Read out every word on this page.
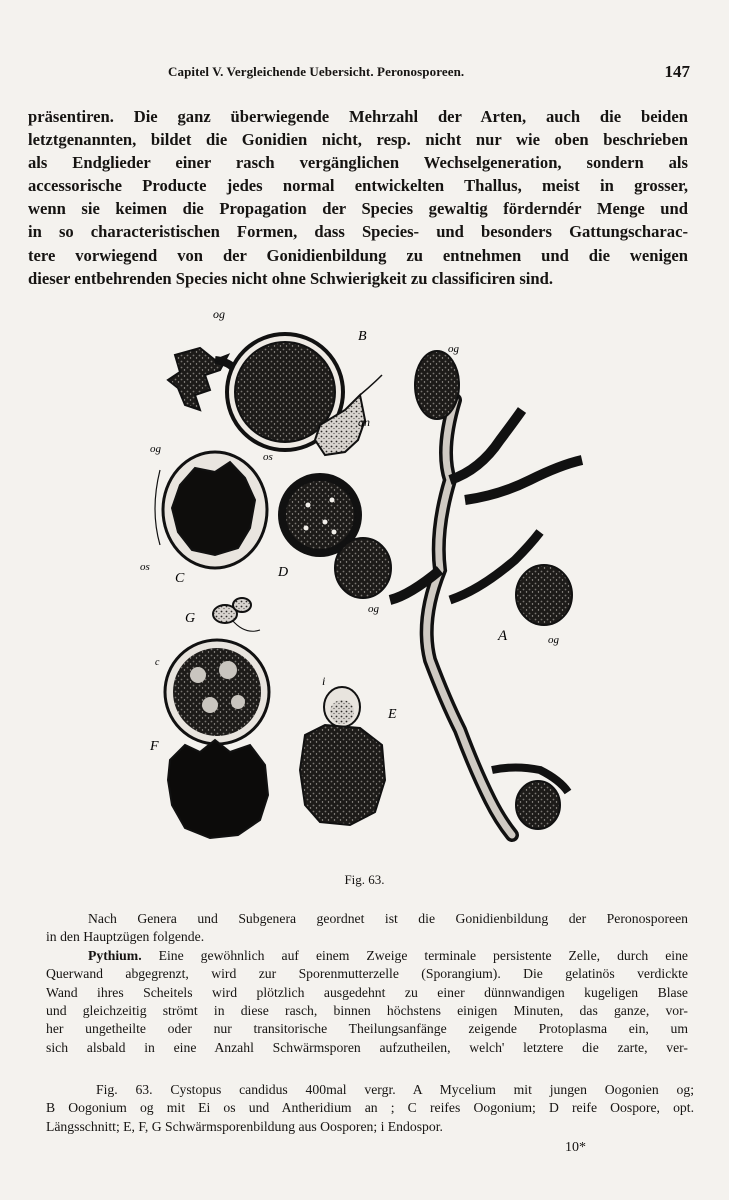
Capitel V. Vergleichende Uebersicht. Peronosporeen.	147
präsentiren. Die ganz überwiegende Mehrzahl der Arten, auch die beiden
letztgenannten, bildet die Gonidien nicht, resp. nicht nur wie oben beschrieben
als Endglieder einer rasch vergänglichen Wechselgeneration, sondern als
accessorische Producte jedes normal entwickelten Thallus, meist in grosser,
wenn sie keimen die Propagation der Species gewaltig förderndér Menge und
in so characteristischen Formen, dass Species- und besonders Gattungscharac-
tere vorwiegend von der Gonidienbildung zu entnehmen und die wenigen
dieser entbehrenden Species nicht ohne Schwierigkeit zu classificiren sind.
B
og
an
os
og
os
C	D
G
F
c
i
E
og
og
og
A
Fig. 63.
Nach Genera und Subgenera geordnet ist die Gonidienbildung der Peronosporeen
in den Hauptzügen folgende.
Pythium. Eine gewöhnlich auf einem Zweige terminale persistente Zelle, durch eine
Querwand abgegrenzt, wird zur Sporenmutterzelle (Sporangium). Die gelatinös verdickte
Wand ihres Scheitels wird plötzlich ausgedehnt zu einer dünnwandigen kugeligen Blase
und gleichzeitig strömt in diese rasch, binnen höchstens einigen Minuten, das ganze, vor-
her ungetheilte oder nur transitorische Theilungsanfänge zeigende Protoplasma ein, um
sich alsbald in eine Anzahl Schwärmsporen aufzutheilen, welch' letztere die zarte, ver-
Fig. 63. Cystopus candidus 400mal vergr. A Mycelium mit jungen Oogonien og;
B Oogonium og mit Ei os und Antheridium an ; C reifes Oogonium; D reife Oospore, opt.
Längsschnitt; E, F, G Schwärmsporenbildung aus Oosporen; i Endospor.
10*
